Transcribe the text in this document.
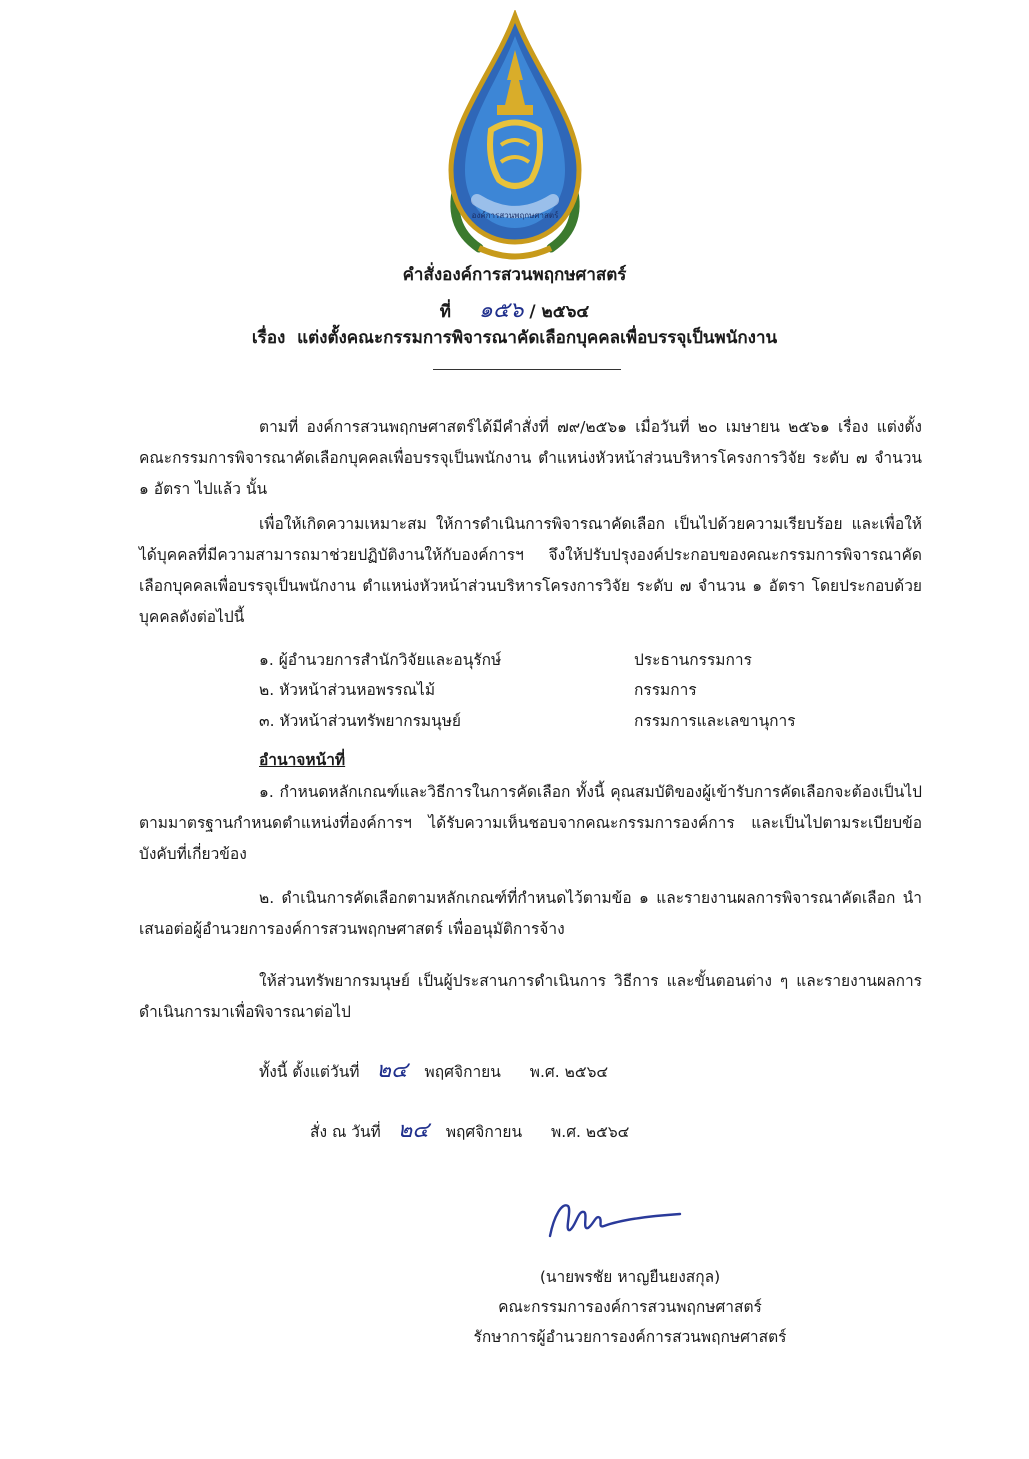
องค์การสวนพฤกษศาสตร์
คำสั่งองค์การสวนพฤกษศาสตร์
ที่ ๑๕๖ / ๒๕๖๔
เรื่อง แต่งตั้งคณะกรรมการพิจารณาคัดเลือกบุคคลเพื่อบรรจุเป็นพนักงาน
ตามที่ องค์การสวนพฤกษศาสตร์ได้มีคำสั่งที่ ๗๙/๒๕๖๑ เมื่อวันที่ ๒๐ เมษายน ๒๕๖๑ เรื่อง แต่งตั้งคณะกรรมการพิจารณาคัดเลือกบุคคลเพื่อบรรจุเป็นพนักงาน ตำแหน่งหัวหน้าส่วนบริหารโครงการวิจัย ระดับ ๗ จำนวน ๑ อัตรา ไปแล้ว นั้น
เพื่อให้เกิดความเหมาะสม ให้การดำเนินการพิจารณาคัดเลือก เป็นไปด้วยความเรียบร้อย และเพื่อให้ได้บุคคลที่มีความสามารถมาช่วยปฏิบัติงานให้กับองค์การฯ จึงให้ปรับปรุงองค์ประกอบของคณะกรรมการพิจารณาคัดเลือกบุคคลเพื่อบรรจุเป็นพนักงาน ตำแหน่งหัวหน้าส่วนบริหารโครงการวิจัย ระดับ ๗ จำนวน ๑ อัตรา โดยประกอบด้วย บุคคลดังต่อไปนี้
๑. ผู้อำนวยการสำนักวิจัยและอนุรักษ์	ประธานกรรมการ
๒. หัวหน้าส่วนหอพรรณไม้	กรรมการ
๓. หัวหน้าส่วนทรัพยากรมนุษย์	กรรมการและเลขานุการ
อำนาจหน้าที่
๑. กำหนดหลักเกณฑ์และวิธีการในการคัดเลือก ทั้งนี้ คุณสมบัติของผู้เข้ารับการคัดเลือกจะต้องเป็นไปตามมาตรฐานกำหนดตำแหน่งที่องค์การฯ ได้รับความเห็นชอบจากคณะกรรมการองค์การ และเป็นไปตามระเบียบข้อบังคับที่เกี่ยวข้อง
๒. ดำเนินการคัดเลือกตามหลักเกณฑ์ที่กำหนดไว้ตามข้อ ๑ และรายงานผลการพิจารณาคัดเลือก นำเสนอต่อผู้อำนวยการองค์การสวนพฤกษศาสตร์ เพื่ออนุมัติการจ้าง
ให้ส่วนทรัพยากรมนุษย์ เป็นผู้ประสานการดำเนินการ วิธีการ และขั้นตอนต่าง ๆ และรายงานผลการดำเนินการมาเพื่อพิจารณาต่อไป
ทั้งนี้ ตั้งแต่วันที่ ๒๔ พฤศจิกายน พ.ศ. ๒๕๖๔
สั่ง ณ วันที่ ๒๔ พฤศจิกายน พ.ศ. ๒๕๖๔
(นายพรชัย หาญยืนยงสกุล)
คณะกรรมการองค์การสวนพฤกษศาสตร์
รักษาการผู้อำนวยการองค์การสวนพฤกษศาสตร์
